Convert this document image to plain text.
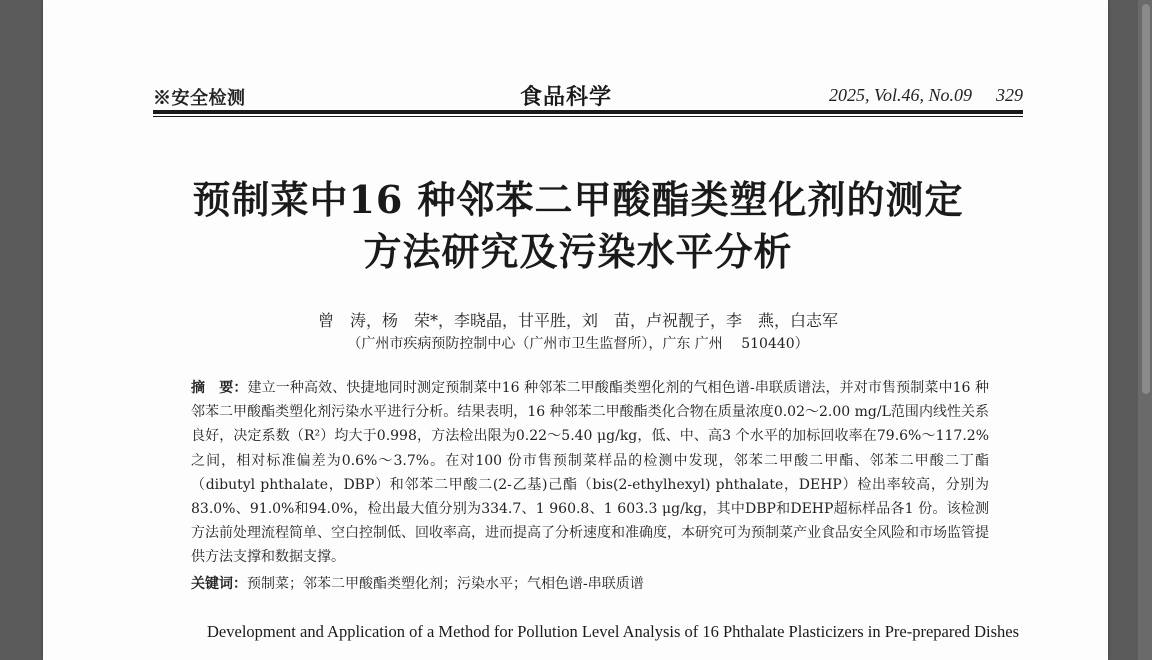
※安全检测	食品科学	2025, Vol.46, No.09 329
预制菜中16 种邻苯二甲酸酯类塑化剂的测定
方法研究及污染水平分析
曾　涛，杨　荣*，李晓晶，甘平胜，刘　苗，卢祝靓子，李　燕，白志军
（广州市疾病预防控制中心（广州市卫生监督所），广东 广州　 510440）
摘　要：建立一种高效、快捷地同时测定预制菜中16 种邻苯二甲酸酯类塑化剂的气相色谱-串联质谱法，并对市售预制菜中16 种邻苯二甲酸酯类塑化剂污染水平进行分析。结果表明，16 种邻苯二甲酸酯类化合物在质量浓度0.02～2.00 mg/L范围内线性关系良好，决定系数（R²）均大于0.998，方法检出限为0.22～5.40 μg/kg，低、中、高3 个水平的加标回收率在79.6%～117.2%之间，相对标准偏差为0.6%～3.7%。在对100 份市售预制菜样品的检测中发现，邻苯二甲酸二甲酯、邻苯二甲酸二丁酯（dibutyl phthalate，DBP）和邻苯二甲酸二(2-乙基)己酯（bis(2-ethylhexyl) phthalate，DEHP）检出率较高，分别为83.0%、91.0%和94.0%，检出最大值分别为334.7、1 960.8、1 603.3 μg/kg，其中DBP和DEHP超标样品各1 份。该检测方法前处理流程简单、空白控制低、回收率高，进而提高了分析速度和准确度，本研究可为预制菜产业食品安全风险和市场监管提供方法支撑和数据支撑。
关键词：预制菜；邻苯二甲酸酯类塑化剂；污染水平；气相色谱-串联质谱
Development and Application of a Method for Pollution Level Analysis of 16 Phthalate Plasticizers in Pre-prepared Dishes
